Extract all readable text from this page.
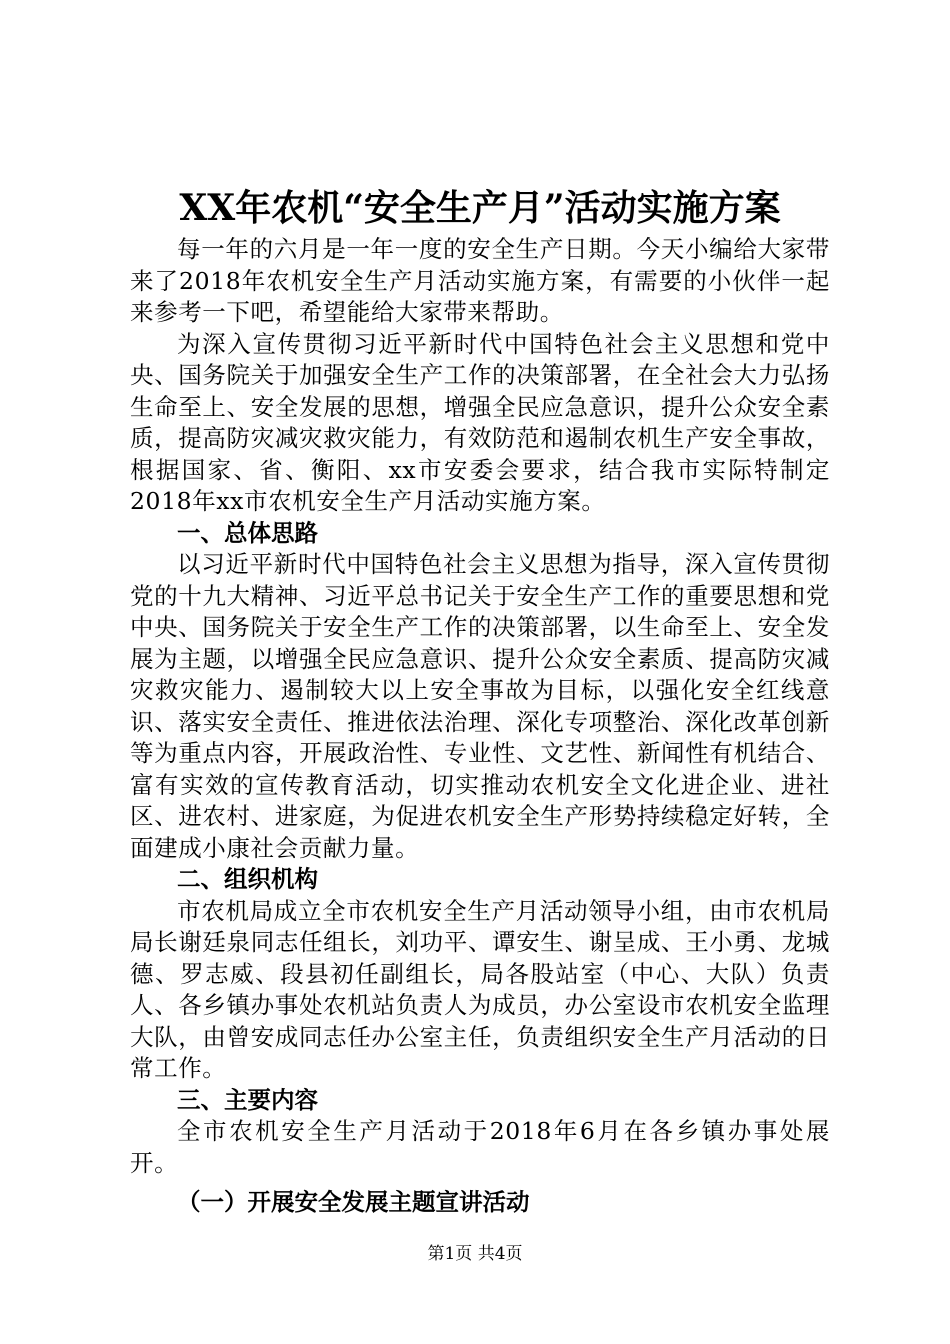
XX年农机“安全生产月”活动实施方案

每一年的六月是一年一度的安全生产日期。今天小编给大家带来了2018年农机安全生产月活动实施方案，有需要的小伙伴一起来参考一下吧，希望能给大家带来帮助。

为深入宣传贯彻习近平新时代中国特色社会主义思想和党中央、国务院关于加强安全生产工作的决策部署，在全社会大力弘扬生命至上、安全发展的思想，增强全民应急意识，提升公众安全素质，提高防灾减灾救灾能力，有效防范和遏制农机生产安全事故，根据国家、省、衡阳、xx市安委会要求，结合我市实际特制定2018年xx市农机安全生产月活动实施方案。

一、总体思路

以习近平新时代中国特色社会主义思想为指导，深入宣传贯彻党的十九大精神、习近平总书记关于安全生产工作的重要思想和党中央、国务院关于安全生产工作的决策部署，以生命至上、安全发展为主题，以增强全民应急意识、提升公众安全素质、提高防灾减灾救灾能力、遏制较大以上安全事故为目标，以强化安全红线意识、落实安全责任、推进依法治理、深化专项整治、深化改革创新等为重点内容，开展政治性、专业性、文艺性、新闻性有机结合、富有实效的宣传教育活动，切实推动农机安全文化进企业、进社区、进农村、进家庭，为促进农机安全生产形势持续稳定好转，全面建成小康社会贡献力量。

二、组织机构

市农机局成立全市农机安全生产月活动领导小组，由市农机局局长谢廷泉同志任组长，刘功平、谭安生、谢呈成、王小勇、龙城德、罗志威、段县初任副组长，局各股站室（中心、大队）负责人、各乡镇办事处农机站负责人为成员，办公室设市农机安全监理大队，由曾安成同志任办公室主任，负责组织安全生产月活动的日常工作。

三、主要内容

全市农机安全生产月活动于2018年6月在各乡镇办事处展开。

（一）开展安全发展主题宣讲活动

第1页 共4页
